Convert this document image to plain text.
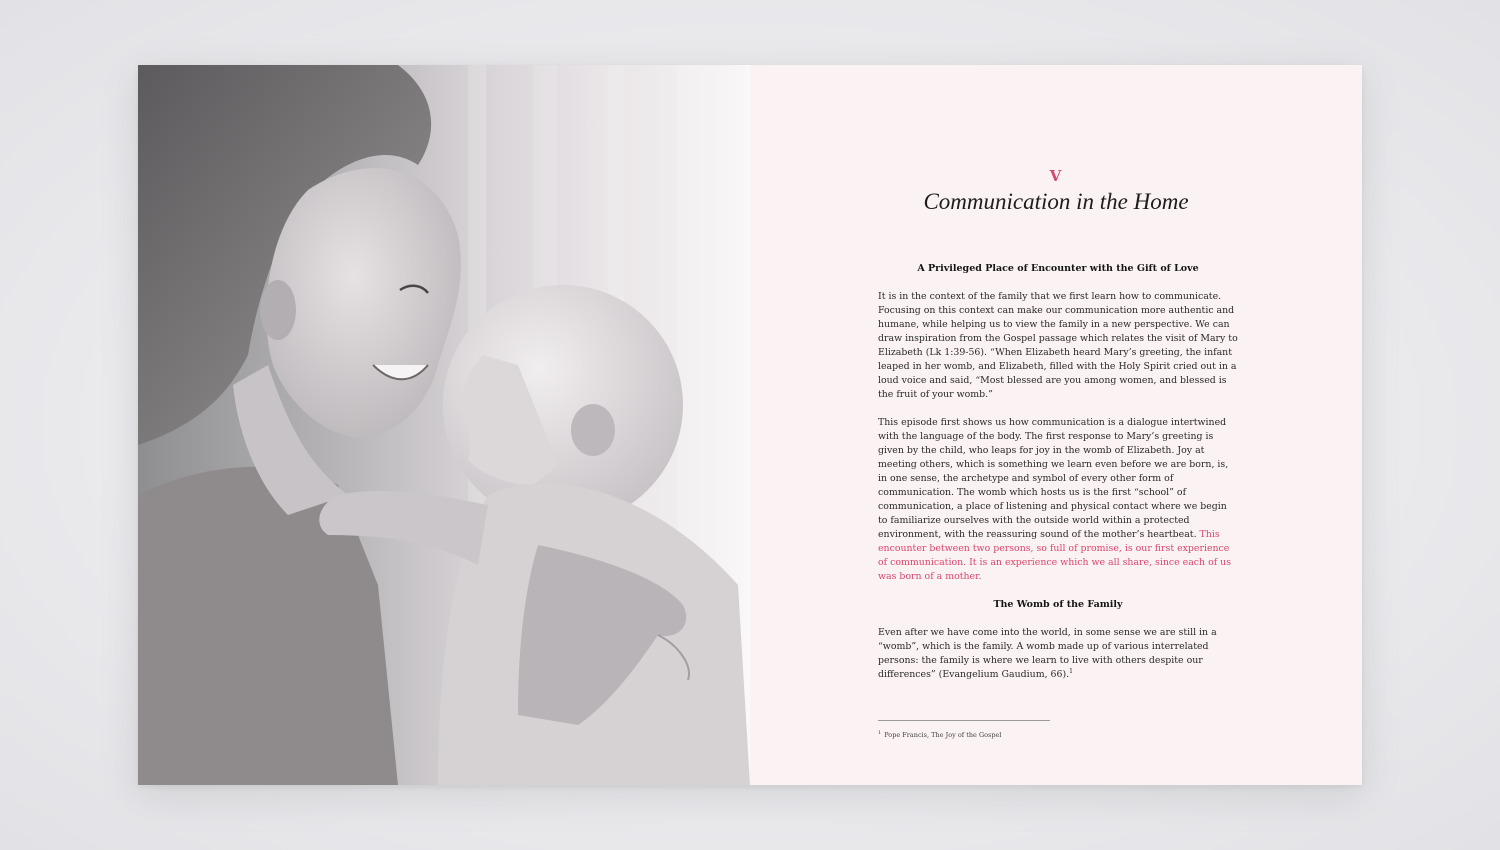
V
Communication in the Home
A Privileged Place of Encounter with the Gift of Love

It is in the context of the family that we first learn how to communicate. Focusing on this context can make our communication more authentic and humane, while helping us to view the family in a new perspective. We can draw inspiration from the Gospel passage which relates the visit of Mary to Elizabeth (Lk 1:39-56). “When Elizabeth heard Mary’s greeting, the infant leaped in her womb, and Elizabeth, filled with the Holy Spirit cried out in a loud voice and said, “Most blessed are you among women, and blessed is the fruit of your womb.”

This episode first shows us how communication is a dialogue intertwined with the language of the body. The first response to Mary’s greeting is given by the child, who leaps for joy in the womb of Elizabeth. Joy at meeting others, which is something we learn even before we are born, is, in one sense, the archetype and symbol of every other form of communication. The womb which hosts us is the first “school” of communication, a place of listening and physical contact where we begin to familiarize ourselves with the outside world within a protected environment, with the reassuring sound of the mother’s heartbeat. This encounter between two persons, so full of promise, is our first experience of communication. It is an experience which we all share, since each of us was born of a mother.

The Womb of the Family

Even after we have come into the world, in some sense we are still in a “womb”, which is the family. A womb made up of various interrelated persons: the family is where we learn to live with others despite our differences” (Evangelium Gaudium, 66).$^1$

$^1$ Pope Francis, The Joy of the Gospel
